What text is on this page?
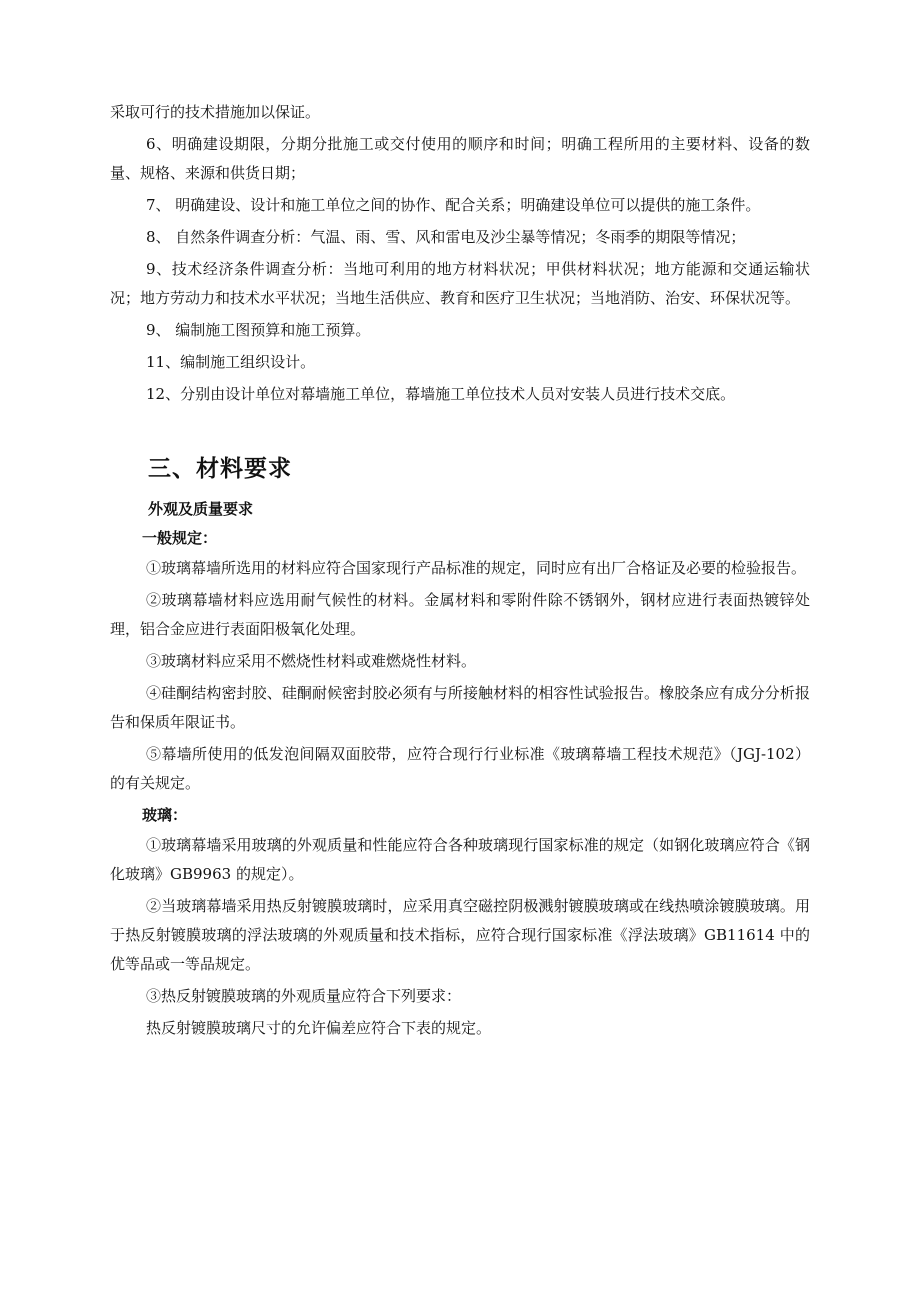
采取可行的技术措施加以保证。

6、明确建设期限，分期分批施工或交付使用的顺序和时间；明确工程所用的主要材料、设备的数量、规格、来源和供货日期；

7、 明确建设、设计和施工单位之间的协作、配合关系；明确建设单位可以提供的施工条件。

8、 自然条件调查分析：气温、雨、雪、风和雷电及沙尘暴等情况；冬雨季的期限等情况；

9、技术经济条件调查分析：当地可利用的地方材料状况；甲供材料状况；地方能源和交通运输状况；地方劳动力和技术水平状况；当地生活供应、教育和医疗卫生状况；当地消防、治安、环保状况等。

9、 编制施工图预算和施工预算。

11、编制施工组织设计。

12、分别由设计单位对幕墙施工单位，幕墙施工单位技术人员对安装人员进行技术交底。

三、材料要求
外观及质量要求
一般规定：

①玻璃幕墙所选用的材料应符合国家现行产品标准的规定，同时应有出厂合格证及必要的检验报告。

②玻璃幕墙材料应选用耐气候性的材料。金属材料和零附件除不锈钢外，钢材应进行表面热镀锌处理，铝合金应进行表面阳极氧化处理。

③玻璃材料应采用不燃烧性材料或难燃烧性材料。

④硅酮结构密封胶、硅酮耐候密封胶必须有与所接触材料的相容性试验报告。橡胶条应有成分分析报告和保质年限证书。

⑤幕墙所使用的低发泡间隔双面胶带，应符合现行行业标准《玻璃幕墙工程技术规范》（JGJ-102）的有关规定。

玻璃：

①玻璃幕墙采用玻璃的外观质量和性能应符合各种玻璃现行国家标准的规定（如钢化玻璃应符合《钢化玻璃》GB9963 的规定）。

②当玻璃幕墙采用热反射镀膜玻璃时，应采用真空磁控阴极溅射镀膜玻璃或在线热喷涂镀膜玻璃。用于热反射镀膜玻璃的浮法玻璃的外观质量和技术指标，应符合现行国家标准《浮法玻璃》GB11614 中的优等品或一等品规定。

③热反射镀膜玻璃的外观质量应符合下列要求：

热反射镀膜玻璃尺寸的允许偏差应符合下表的规定。
